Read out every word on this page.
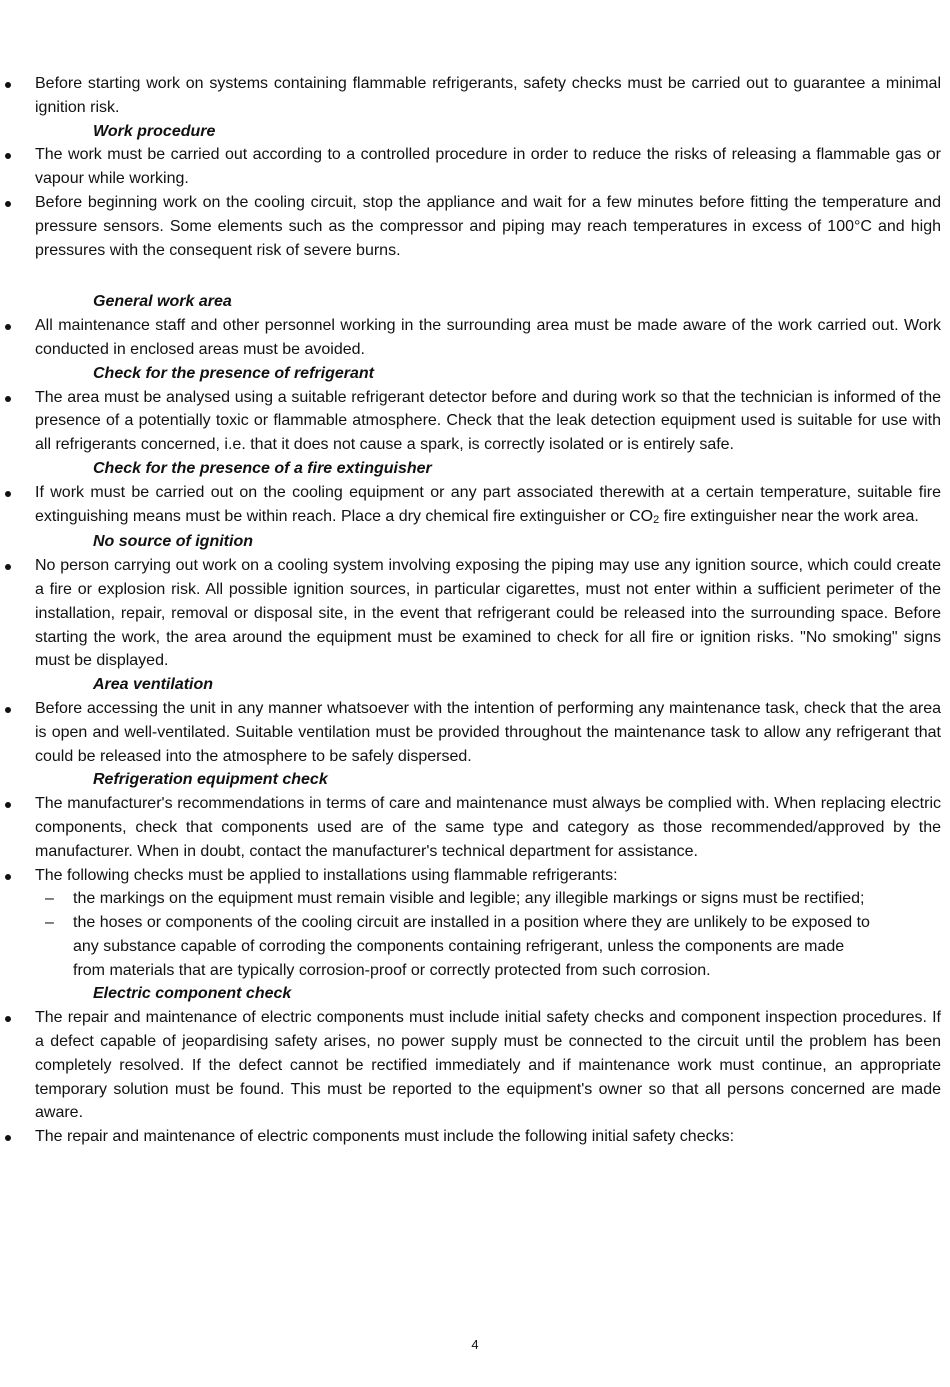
Before starting work on systems containing flammable refrigerants, safety checks must be carried out to guarantee a minimal ignition risk.
Work procedure
The work must be carried out according to a controlled procedure in order to reduce the risks of releasing a flammable gas or vapour while working.
Before beginning work on the cooling circuit, stop the appliance and wait for a few minutes before fitting the temperature and pressure sensors. Some elements such as the compressor and piping may reach temperatures in excess of 100°C and high pressures with the consequent risk of severe burns.
General work area
All maintenance staff and other personnel working in the surrounding area must be made aware of the work carried out. Work conducted in enclosed areas must be avoided.
Check for the presence of refrigerant
The area must be analysed using a suitable refrigerant detector before and during work so that the technician is informed of the presence of a potentially toxic or flammable atmosphere. Check that the leak detection equipment used is suitable for use with all refrigerants concerned, i.e. that it does not cause a spark, is correctly isolated or is entirely safe.
Check for the presence of a fire extinguisher
If work must be carried out on the cooling equipment or any part associated therewith at a certain temperature, suitable fire extinguishing means must be within reach. Place a dry chemical fire extinguisher or $CO_2$ fire extinguisher near the work area.
No source of ignition
No person carrying out work on a cooling system involving exposing the piping may use any ignition source, which could create a fire or explosion risk. All possible ignition sources, in particular cigarettes, must not enter within a sufficient perimeter of the installation, repair, removal or disposal site, in the event that refrigerant could be released into the surrounding space. Before starting the work, the area around the equipment must be examined to check for all fire or ignition risks. "No smoking" signs must be displayed.
Area ventilation
Before accessing the unit in any manner whatsoever with the intention of performing any maintenance task, check that the area is open and well-ventilated. Suitable ventilation must be provided throughout the maintenance task to allow any refrigerant that could be released into the atmosphere to be safely dispersed.
Refrigeration equipment check
The manufacturer's recommendations in terms of care and maintenance must always be complied with. When replacing electric components, check that components used are of the same type and category as those recommended/approved by the manufacturer. When in doubt, contact the manufacturer's technical department for assistance.
The following checks must be applied to installations using flammable refrigerants:
– the markings on the equipment must remain visible and legible; any illegible markings or signs must be rectified;
– the hoses or components of the cooling circuit are installed in a position where they are unlikely to be exposed to any substance capable of corroding the components containing refrigerant, unless the components are made from materials that are typically corrosion-proof or correctly protected from such corrosion.
Electric component check
The repair and maintenance of electric components must include initial safety checks and component inspection procedures. If a defect capable of jeopardising safety arises, no power supply must be connected to the circuit until the problem has been completely resolved. If the defect cannot be rectified immediately and if maintenance work must continue, an appropriate temporary solution must be found. This must be reported to the equipment's owner so that all persons concerned are made aware.
The repair and maintenance of electric components must include the following initial safety checks:
4
